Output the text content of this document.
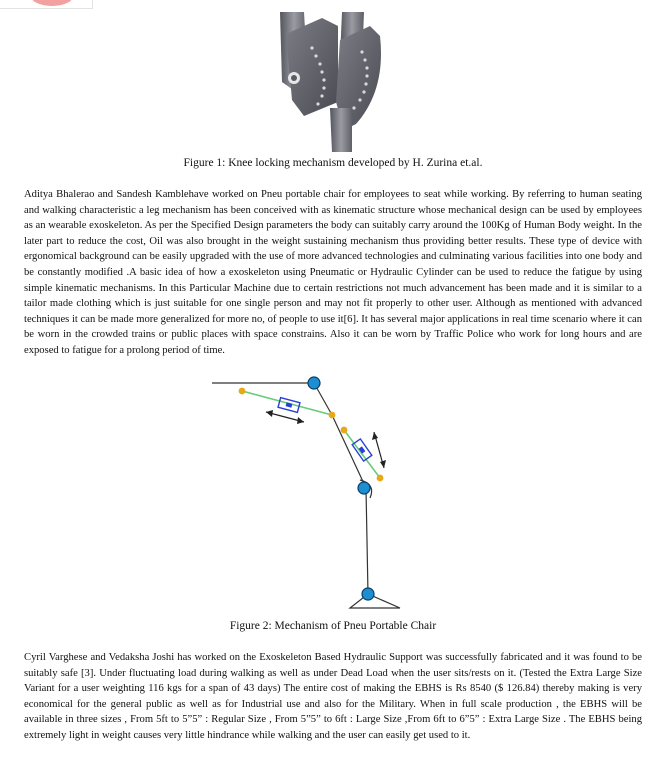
Figure 1: Knee locking mechanism developed by H. Zurina et.al.

Aditya Bhalerao and Sandesh Kamblehave worked on Pneu portable chair for employees to seat while working. By referring to human seating and walking characteristic a leg mechanism has been conceived with as kinematic structure whose mechanical design can be used by employees as an wearable exoskeleton. As per the Specified Design parameters the body can suitably carry around the 100Kg of Human Body weight. In the later part to reduce the cost, Oil was also brought in the weight sustaining mechanism thus providing better results. These type of device with ergonomical background can be easily upgraded with the use of more advanced technologies and culminating various facilities into one body and be constantly modified .A basic idea of how a exoskeleton using Pneumatic or Hydraulic Cylinder can be used to reduce the fatigue by using simple kinematic mechanisms. In this Particular Machine due to certain restrictions not much advancement has been made and it is similar to a tailor made clothing which is just suitable for one single person and may not fit properly to other user. Although as mentioned with advanced techniques it can be made more generalized for more no, of people to use it[6]. It has several major applications in real time scenario where it can be worn in the crowded trains or public places with space constrains. Also it can be worn by Traffic Police who work for long hours and are exposed to fatigue for a prolong period of time.

Figure 2: Mechanism of Pneu Portable Chair

Cyril Varghese and Vedaksha Joshi has worked on the Exoskeleton Based Hydraulic Support was successfully fabricated and it was found to be suitably safe [3]. Under fluctuating load during walking as well as under Dead Load when the user sits/rests on it. (Tested the Extra Large Size Variant for a user weighting 116 kgs for a span of 43 days) The entire cost of making the EBHS is Rs 8540 ($ 126.84) thereby making is very economical for the general public as well as for Industrial use and also for the Military. When in full scale production , the EBHS will be available in three sizes , From 5ft to 5”5” : Regular Size , From 5”5” to 6ft : Large Size ,From 6ft to 6”5” : Extra Large Size . The EBHS being extremely light in weight causes very little hindrance while walking and the user can easily get used to it.
